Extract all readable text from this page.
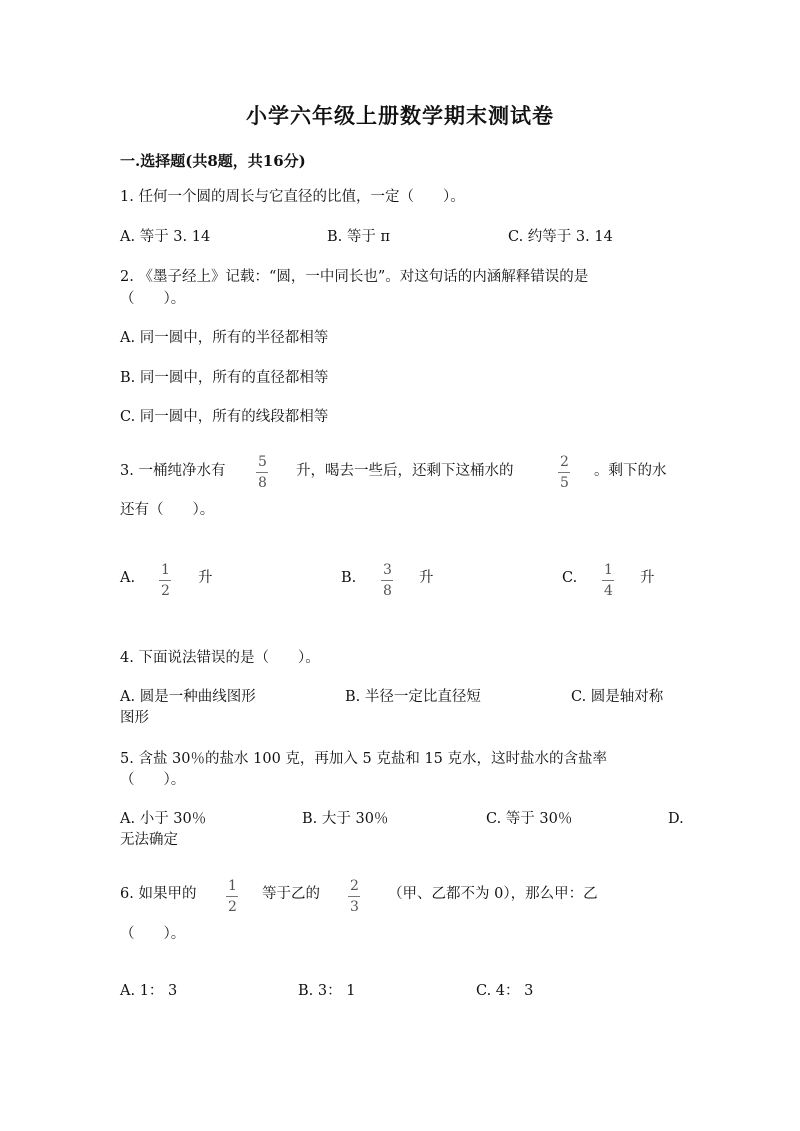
小学六年级上册数学期末测试卷
一.选择题(共8题，共16分)
1. 任何一个圆的周长与它直径的比值，一定（　　）。
A. 等于 3. 14	B. 等于 π	C. 约等于 3. 14
2. 《墨子经上》记载：“圆，一中同长也”。对这句话的内涵解释错误的是
（　　）。
A. 同一圆中，所有的半径都相等
B. 同一圆中，所有的直径都相等
C. 同一圆中，所有的线段都相等
3. 一桶纯净水有
5
8
升，喝去一些后，还剩下这桶水的
2
5
。剩下的水
还有（　　）。
A. 1
2
升	B. 3
8
升	C. 1
4
升
4. 下面说法错误的是（　　）。
A. 圆是一种曲线图形	B. 半径一定比直径短	C. 圆是轴对称
图形
5. 含盐 30％的盐水 100 克，再加入 5 克盐和 15 克水，这时盐水的含盐率
（　　）。
A. 小于 30％	B. 大于 30％	C. 等于 30％	D.
无法确定
6. 如果甲的 1
2
等于乙的 2
3
（甲、乙都不为 0），那么甲：乙
（　　）。
A. 1： 3	B. 3： 1	C. 4： 3
